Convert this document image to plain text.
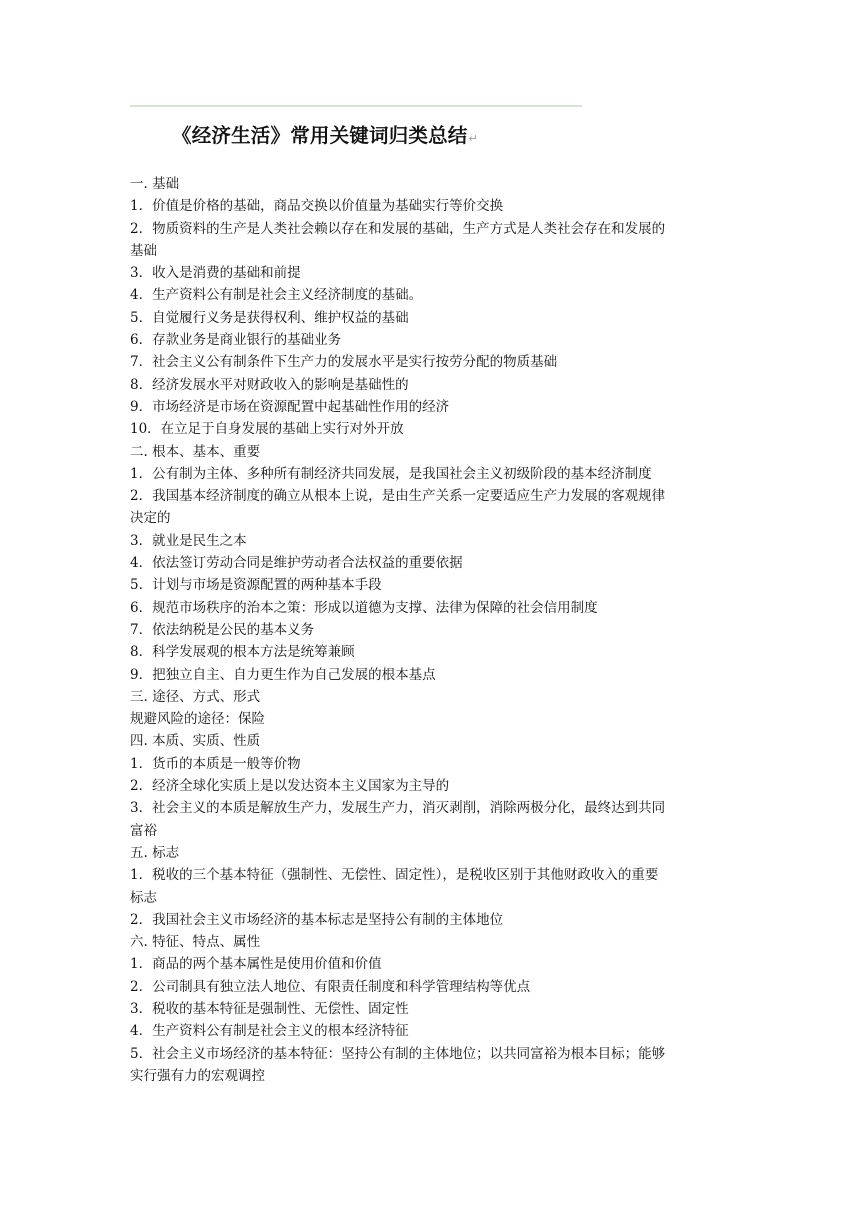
《经济生活》常用关键词归类总结↵
一. 基础
1．价值是价格的基础，商品交换以价值量为基础实行等价交换
2．物质资料的生产是人类社会赖以存在和发展的基础，生产方式是人类社会存在和发展的
基础
3．收入是消费的基础和前提
4．生产资料公有制是社会主义经济制度的基础。
5．自觉履行义务是获得权利、维护权益的基础
6．存款业务是商业银行的基础业务
7．社会主义公有制条件下生产力的发展水平是实行按劳分配的物质基础
8．经济发展水平对财政收入的影响是基础性的
9．市场经济是市场在资源配置中起基础性作用的经济
10．在立足于自身发展的基础上实行对外开放
二. 根本、基本、重要
1．公有制为主体、多种所有制经济共同发展，是我国社会主义初级阶段的基本经济制度
2．我国基本经济制度的确立从根本上说，是由生产关系一定要适应生产力发展的客观规律
决定的
3．就业是民生之本
4．依法签订劳动合同是维护劳动者合法权益的重要依据
5．计划与市场是资源配置的两种基本手段
6．规范市场秩序的治本之策：形成以道德为支撑、法律为保障的社会信用制度
7．依法纳税是公民的基本义务
8．科学发展观的根本方法是统筹兼顾
9．把独立自主、自力更生作为自己发展的根本基点
三. 途径、方式、形式
规避风险的途径：保险
四. 本质、实质、性质
1．货币的本质是一般等价物
2．经济全球化实质上是以发达资本主义国家为主导的
3．社会主义的本质是解放生产力，发展生产力，消灭剥削，消除两极分化，最终达到共同
富裕
五. 标志
1．税收的三个基本特征（强制性、无偿性、固定性），是税收区别于其他财政收入的重要
标志
2．我国社会主义市场经济的基本标志是坚持公有制的主体地位
六. 特征、特点、属性
1．商品的两个基本属性是使用价值和价值
2．公司制具有独立法人地位、有限责任制度和科学管理结构等优点
3．税收的基本特征是强制性、无偿性、固定性
4．生产资料公有制是社会主义的根本经济特征
5．社会主义市场经济的基本特征：坚持公有制的主体地位；以共同富裕为根本目标；能够
实行强有力的宏观调控
